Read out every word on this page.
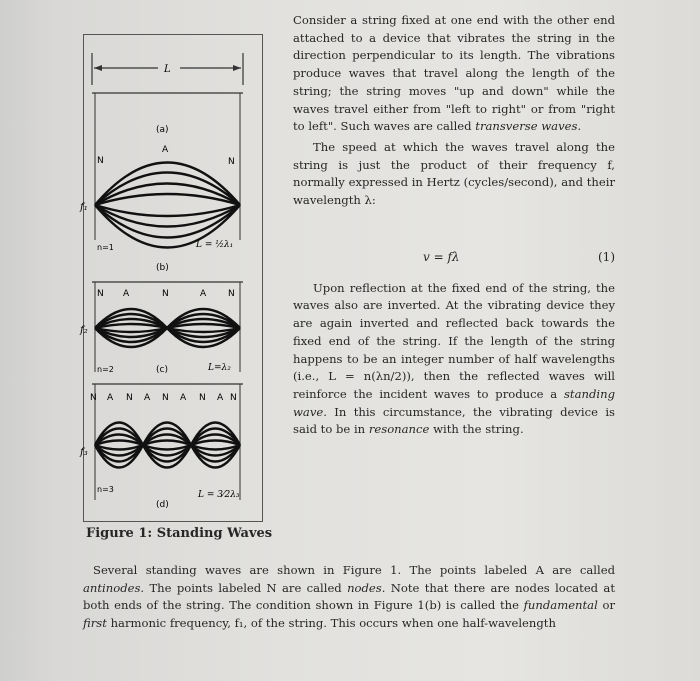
L
(a)
N
A
N
f₁
n=1	L = ½λ₁
(b)
N A	N	A N
f₂
n=2	(c)	L=λ₂
N A N A N A N A N
f₃
n=3
L = 3⁄2λ₃
(d)
Figure 1: Standing Waves

Consider a string fixed at one end with the other end attached to a device that vibrates the string in the direction perpendicular to its length. The vibrations produce waves that travel along the length of the string; the string moves "up and down" while the waves travel either from "left to right" or from "right to left". Such waves are called transverse waves.

The speed at which the waves travel along the string is just the product of their frequency f, normally expressed in Hertz (cycles/second), and their wavelength λ:

v = fλ	(1)

Upon reflection at the fixed end of the string, the waves also are inverted. At the vibrating device they are again inverted and reflected back towards the fixed end of the string. If the length of the string happens to be an integer number of half wavelengths (i.e., L = n(λn/2)), then the reflected waves will reinforce the incident waves to produce a standing wave. In this circumstance, the vibrating device is said to be in resonance with the string.

Several standing waves are shown in Figure 1. The points labeled A are called antinodes. The points labeled N are called nodes. Note that there are nodes located at both ends of the string. The condition shown in Figure 1(b) is called the fundamental or first harmonic frequency, f₁, of the string. This occurs when one half-wavelength
